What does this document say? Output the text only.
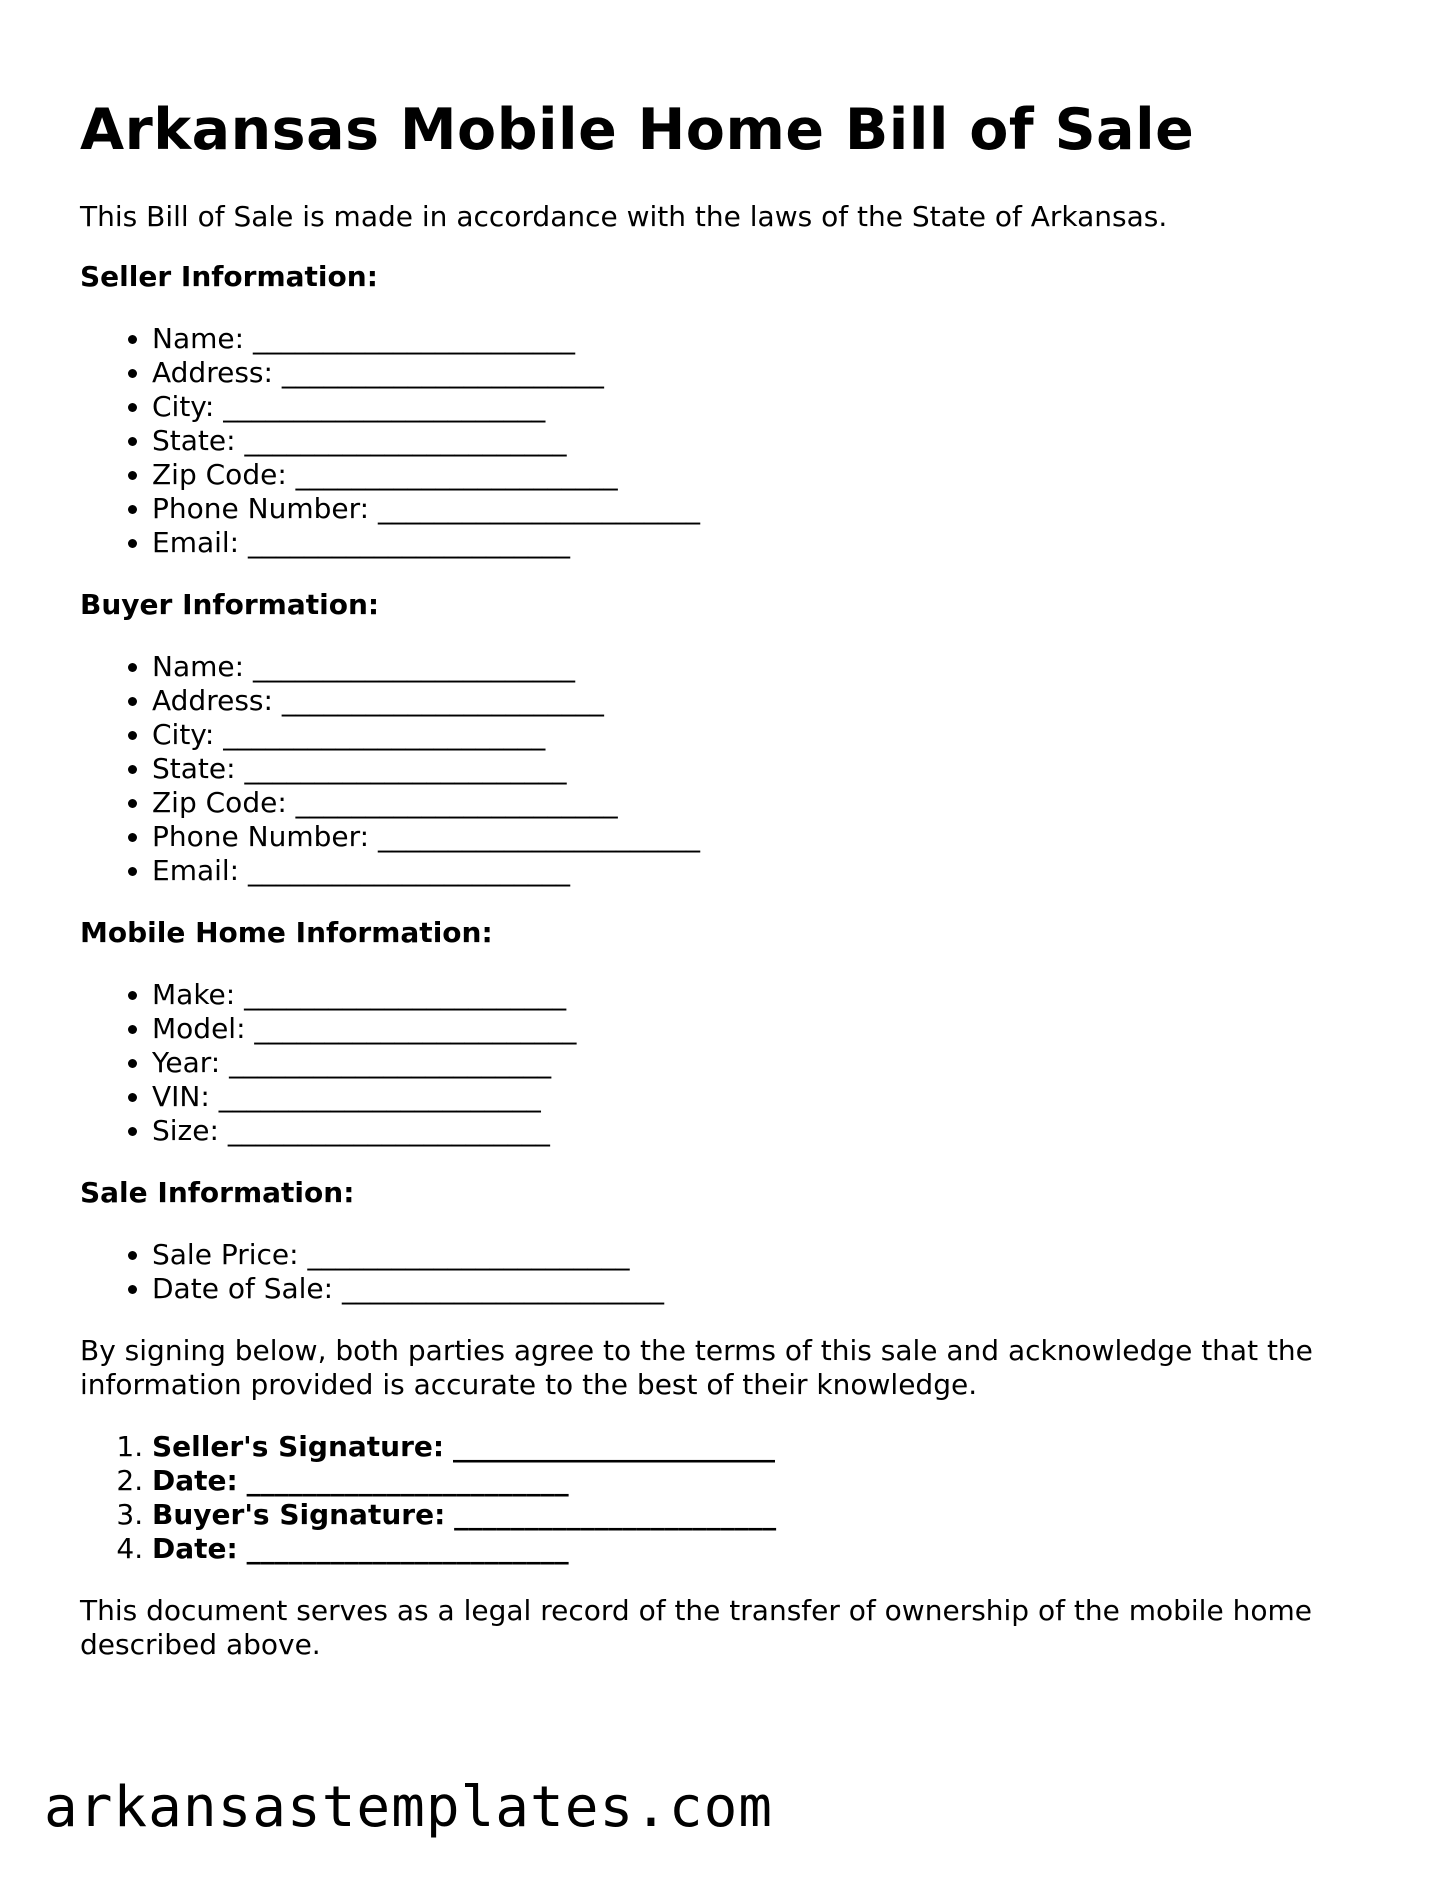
Arkansas Mobile Home Bill of Sale

This Bill of Sale is made in accordance with the laws of the State of Arkansas.

Seller Information:
• Name: _______________________
• Address: _______________________
• City: _______________________
• State: _______________________
• Zip Code: _______________________
• Phone Number: _______________________
• Email: _______________________
Buyer Information:
• Name: _______________________
• Address: _______________________
• City: _______________________
• State: _______________________
• Zip Code: _______________________
• Phone Number: _______________________
• Email: _______________________
Mobile Home Information:
• Make: _______________________
• Model: _______________________
• Year: _______________________
• VIN: _______________________
• Size: _______________________
Sale Information:
• Sale Price: _______________________
• Date of Sale: _______________________

By signing below, both parties agree to the terms of this sale and acknowledge that the information provided is accurate to the best of their knowledge.

1. Seller's Signature: _______________________
2. Date: _______________________
3. Buyer's Signature: _______________________
4. Date: _______________________

This document serves as a legal record of the transfer of ownership of the mobile home described above.

arkansastemplates.com
